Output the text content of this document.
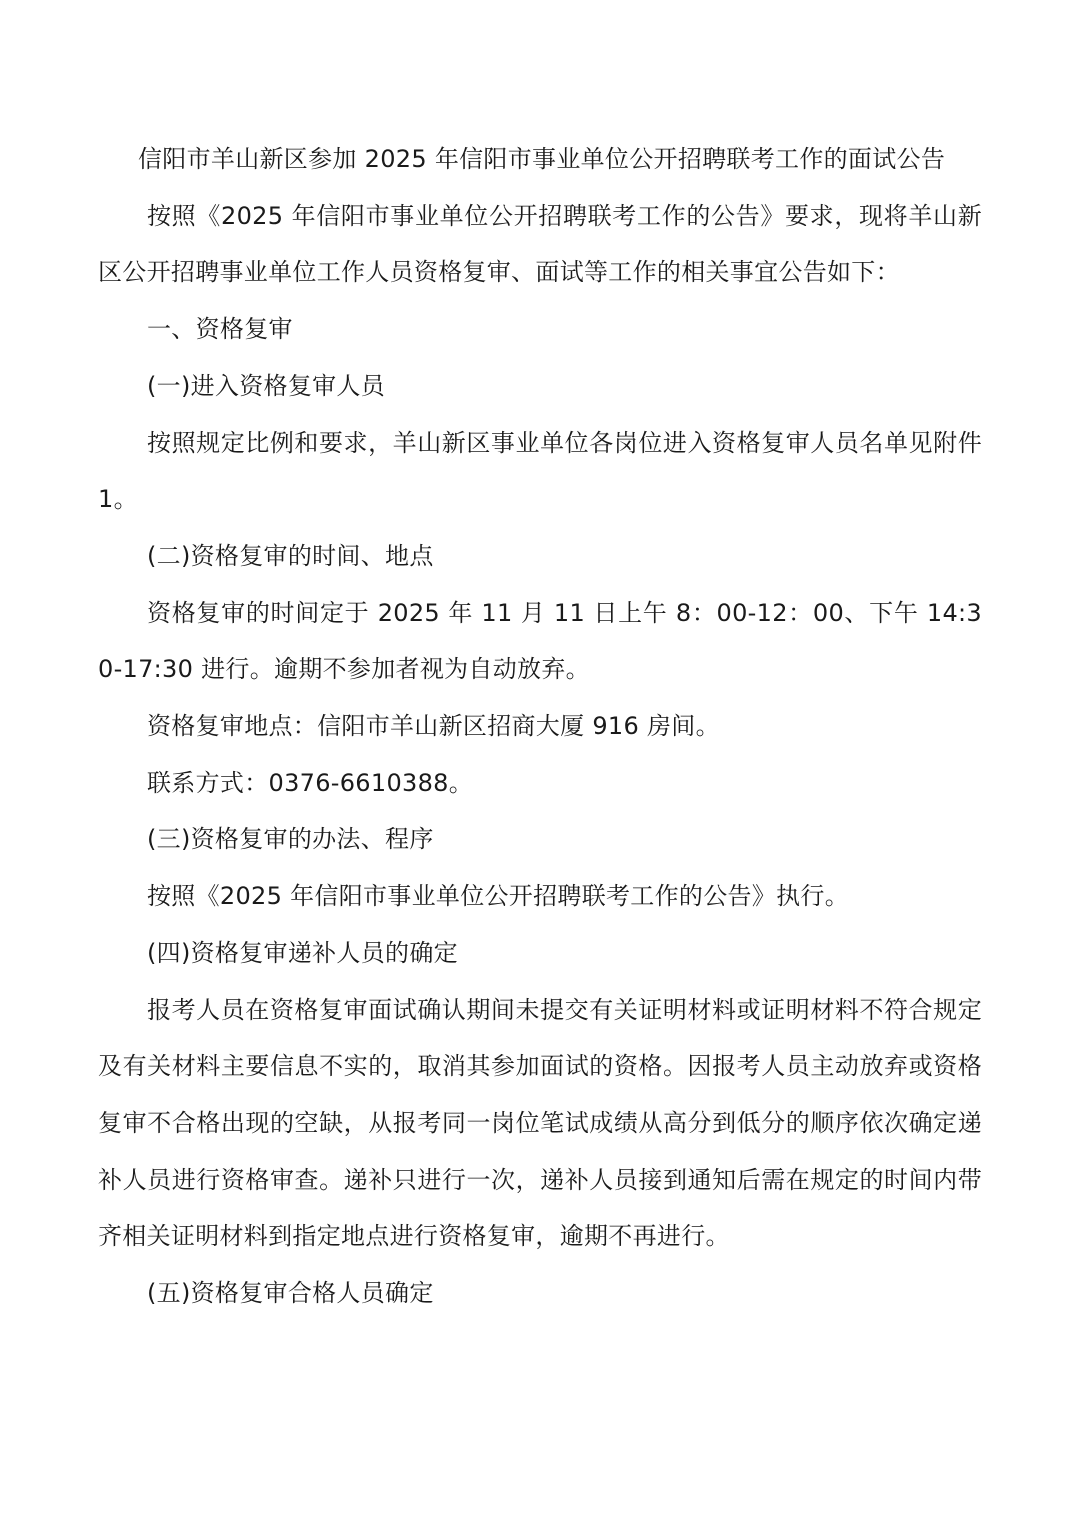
信阳市羊山新区参加 2025 年信阳市事业单位公开招聘联考工作的面试公告

按照《2025 年信阳市事业单位公开招聘联考工作的公告》要求，现将羊山新区公开招聘事业单位工作人员资格复审、面试等工作的相关事宜公告如下：

一、资格复审

(一)进入资格复审人员

按照规定比例和要求，羊山新区事业单位各岗位进入资格复审人员名单见附件 1。

(二)资格复审的时间、地点

资格复审的时间定于 2025 年 11 月 11 日上午 8：00-12：00、下午 14:30-17:30 进行。逾期不参加者视为自动放弃。

资格复审地点：信阳市羊山新区招商大厦 916 房间。

联系方式：0376-6610388。

(三)资格复审的办法、程序

按照《2025 年信阳市事业单位公开招聘联考工作的公告》执行。

(四)资格复审递补人员的确定

报考人员在资格复审面试确认期间未提交有关证明材料或证明材料不符合规定及有关材料主要信息不实的，取消其参加面试的资格。因报考人员主动放弃或资格复审不合格出现的空缺，从报考同一岗位笔试成绩从高分到低分的顺序依次确定递补人员进行资格审查。递补只进行一次，递补人员接到通知后需在规定的时间内带齐相关证明材料到指定地点进行资格复审，逾期不再进行。

(五)资格复审合格人员确定
